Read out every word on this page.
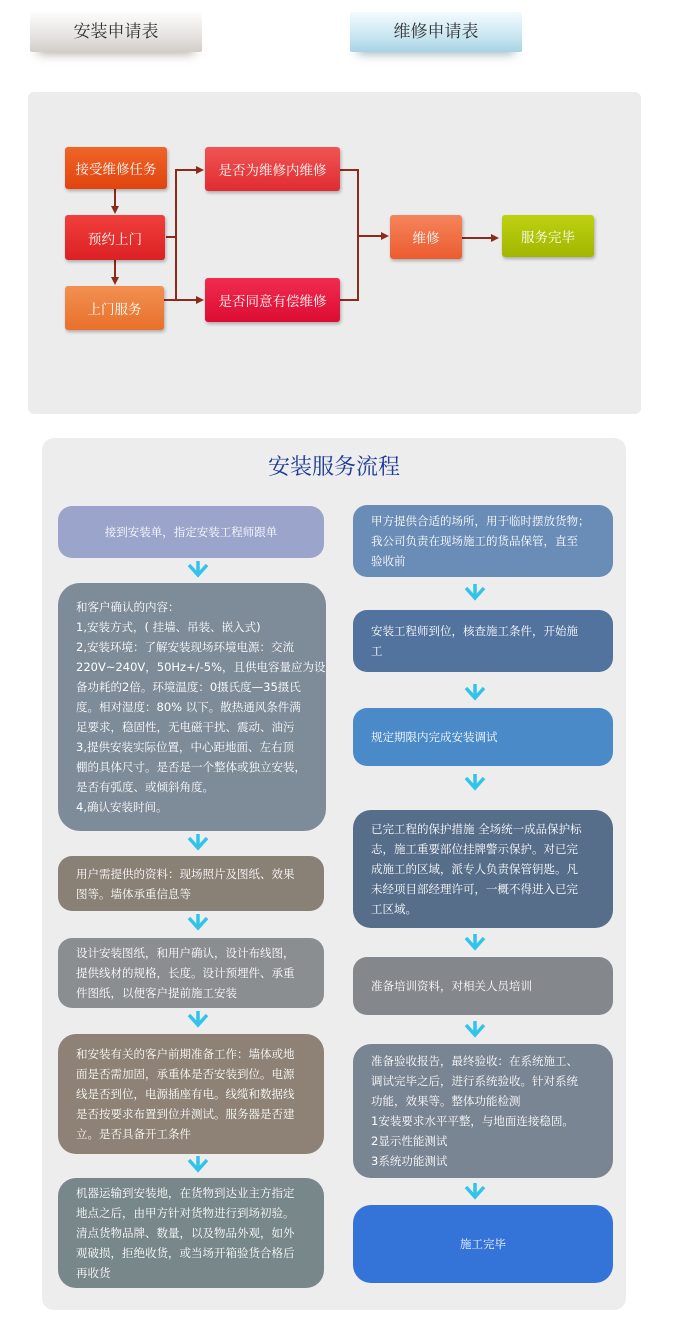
安装申请表	维修申请表
接受维修任务
预约上门
上门服务
是否为维修内维修
是否同意有偿维修
维修	服务完毕
安装服务流程
接到安装单，指定安装工程师跟单
和客户确认的内容：
1,安装方式，( 挂墙、吊装、嵌入式)
2,安装环境：了解安装现场环境电源：交流
220V~240V，50Hz+/-5%，且供电容量应为设
备功耗的2倍。环境温度：0摄氏度—35摄氏
度。相对湿度：80% 以下。散热通风条件满
足要求，稳固性，无电磁干扰、震动、油污
3,提供安装实际位置，中心距地面、左右顶
棚的具体尺寸。是否是一个整体或独立安装，
是否有弧度、或倾斜角度。
4,确认安装时间。
用户需提供的资料：现场照片及图纸、效果
图等。墙体承重信息等
设计安装图纸，和用户确认，设计布线图，
提供线材的规格，长度。设计预埋件、承重
件图纸，以便客户提前施工安装
和安装有关的客户前期准备工作：墙体或地
面是否需加固，承重体是否安装到位。电源
线是否到位，电源插座有电。线缆和数据线
是否按要求布置到位并测试。服务器是否建
立。是否具备开工条件
机器运输到安装地，在货物到达业主方指定
地点之后，由甲方针对货物进行到场初验。
清点货物品牌、数量，以及物品外观，如外
观破损，拒绝收货，或当场开箱验货合格后
再收货
甲方提供合适的场所，用于临时摆放货物；
我公司负责在现场施工的货品保管，直至
验收前
安装工程师到位，核查施工条件，开始施
工
规定期限内完成安装调试
已完工程的保护措施 全场统一成品保护标
志，施工重要部位挂牌警示保护。对已完
成施工的区域，派专人负责保管钥匙。凡
未经项目部经理许可，一概不得进入已完
工区域。
准备培训资料，对相关人员培训
准备验收报告，最终验收：在系统施工、
调试完毕之后，进行系统验收。针对系统
功能，效果等。整体功能检测
1安装要求水平平整，与地面连接稳固。
2显示性能测试
3系统功能测试
施工完毕
